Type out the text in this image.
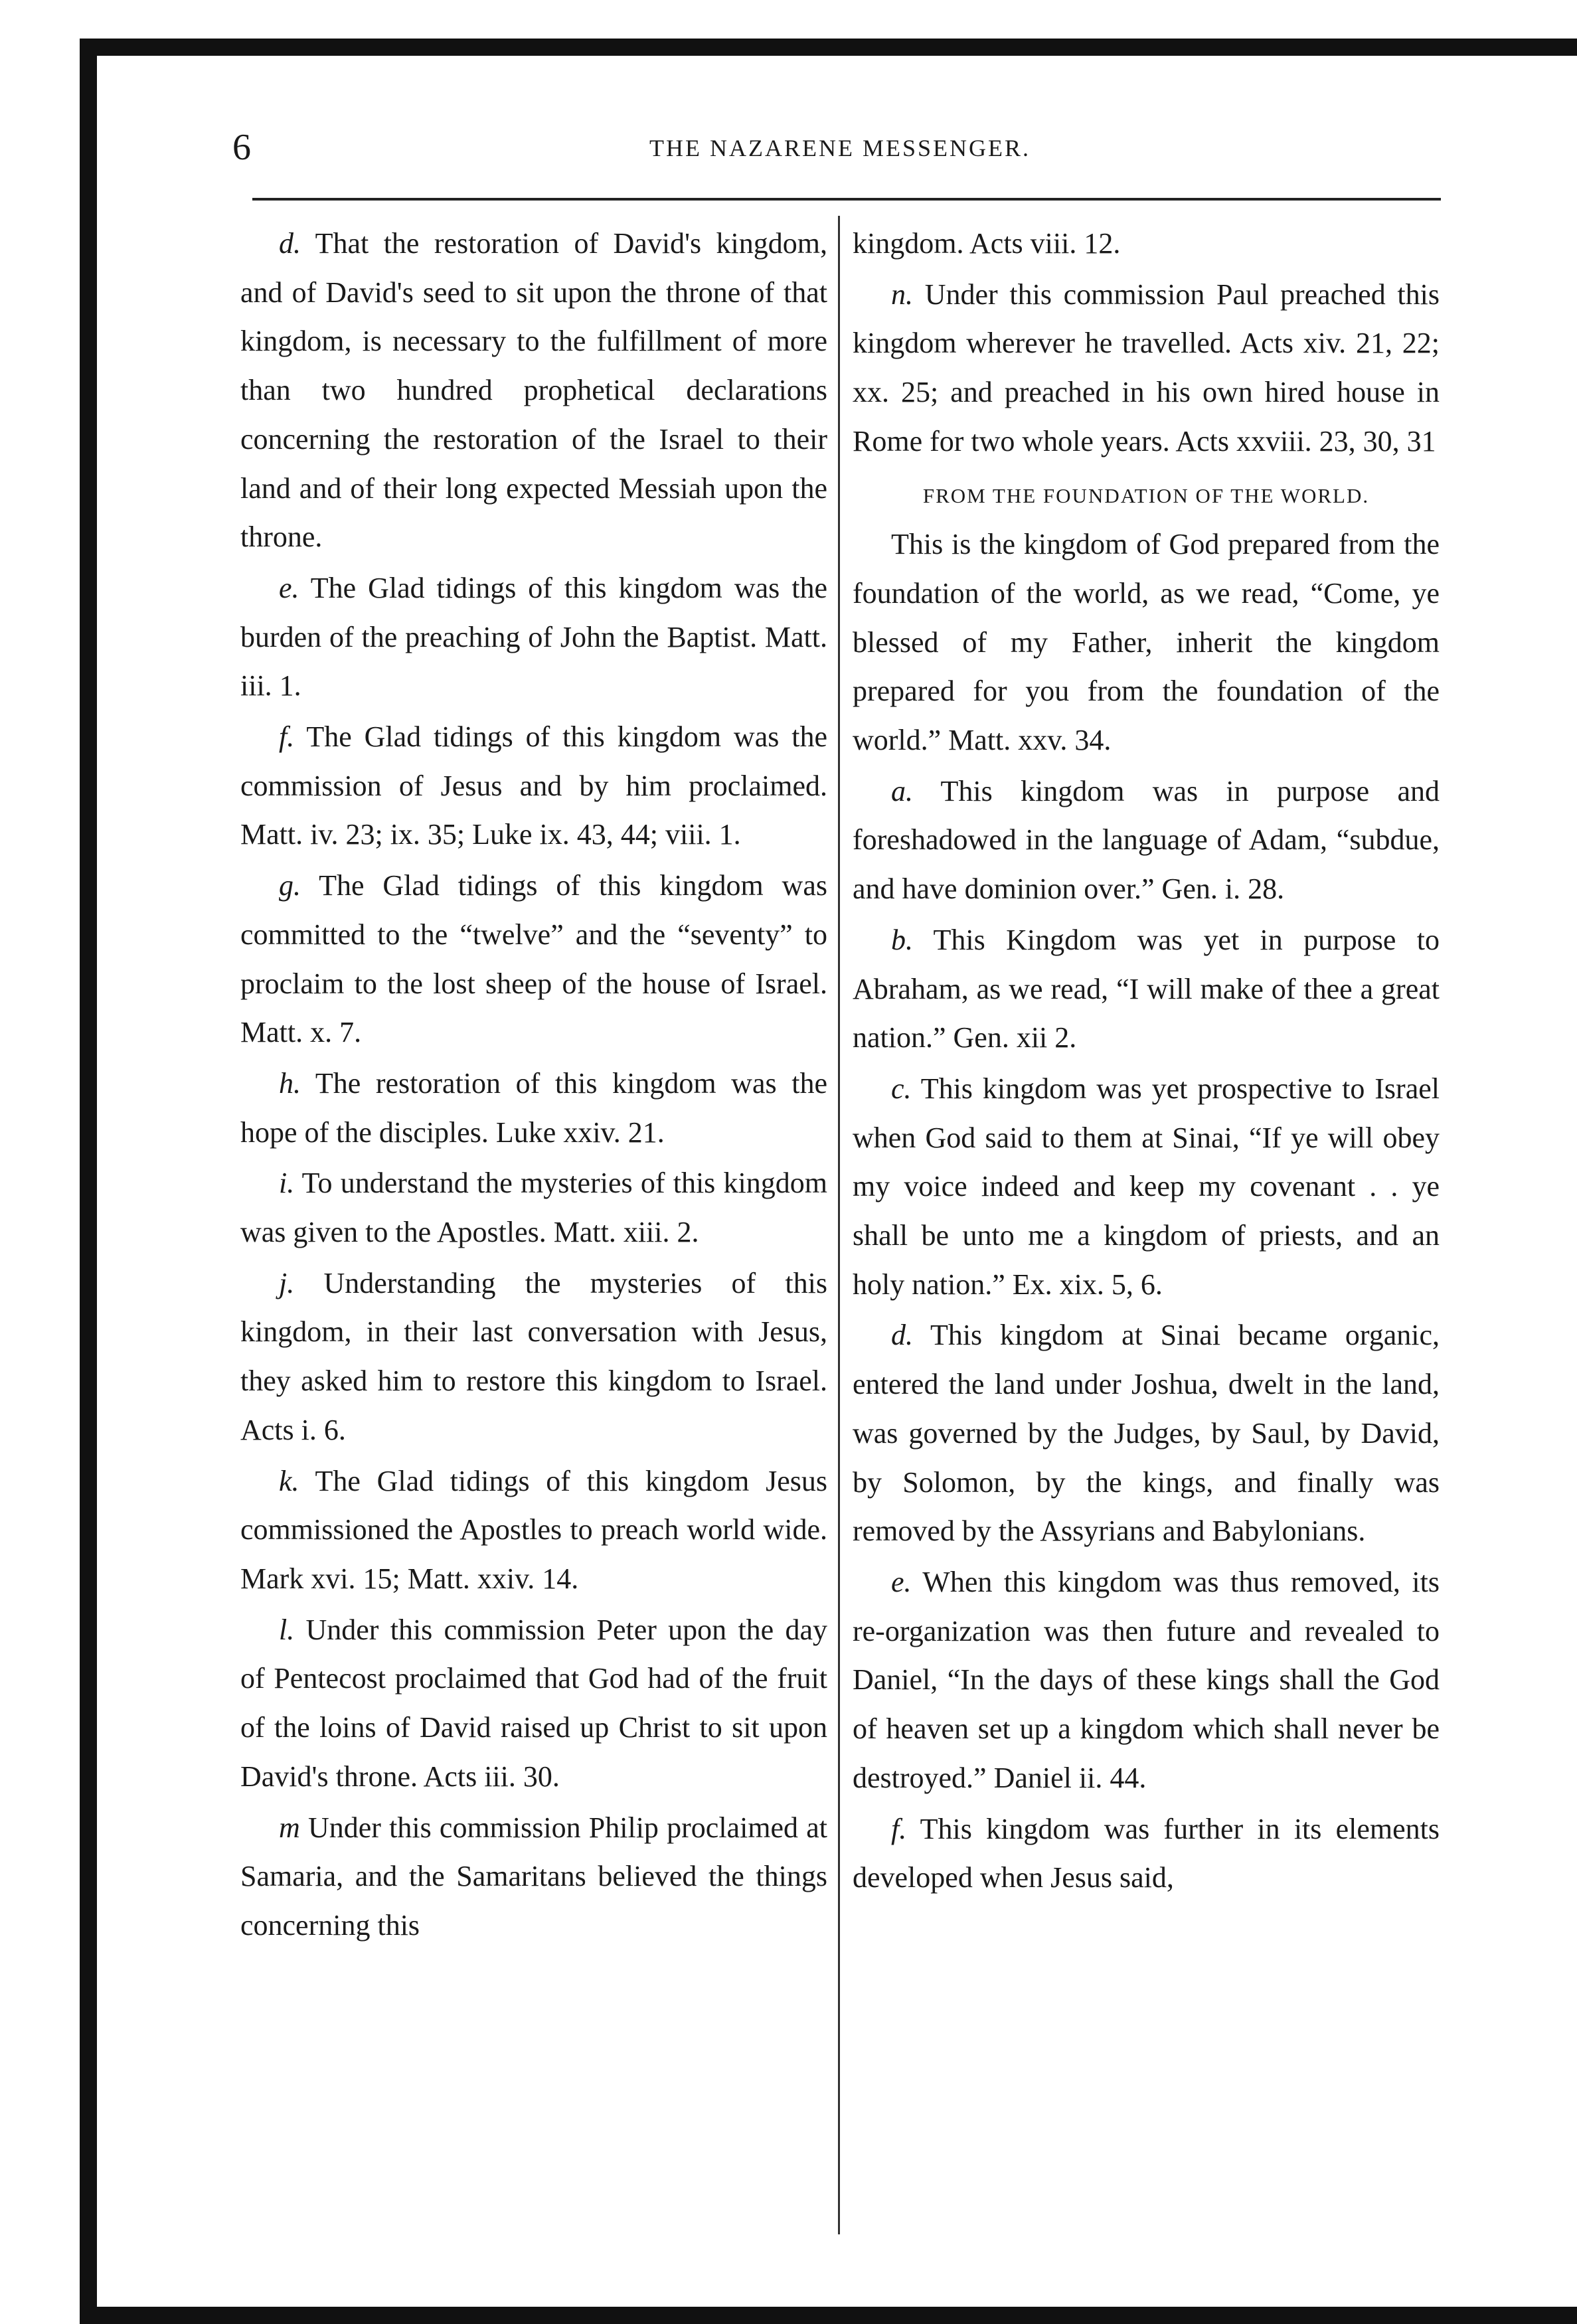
6	THE NAZARENE MESSENGER.

d. That the restoration of David's kingdom, and of David's seed to sit upon the throne of that kingdom, is necessary to the fulfillment of more than two hundred prophetical declarations concerning the restoration of the Israel to their land and of their long expected Messiah upon the throne.

e. The Glad tidings of this kingdom was the burden of the preaching of John the Baptist. Matt. iii. 1.

f. The Glad tidings of this kingdom was the commission of Jesus and by him proclaimed. Matt. iv. 23; ix. 35; Luke ix. 43, 44; viii. 1.

g. The Glad tidings of this kingdom was committed to the “twelve” and the “seventy” to proclaim to the lost sheep of the house of Israel. Matt. x. 7.

h. The restoration of this kingdom was the hope of the disciples. Luke xxiv. 21.

i. To understand the mysteries of this kingdom was given to the Apostles. Matt. xiii. 2.

j. Understanding the mysteries of this kingdom, in their last conversation with Jesus, they asked him to restore this kingdom to Israel. Acts i. 6.

k. The Glad tidings of this kingdom Jesus commissioned the Apostles to preach world wide. Mark xvi. 15; Matt. xxiv. 14.

l. Under this commission Peter upon the day of Pentecost proclaimed that God had of the fruit of the loins of David raised up Christ to sit upon David's throne. Acts iii. 30.

m Under this commission Philip proclaimed at Samaria, and the Samaritans believed the things concerning this

kingdom. Acts viii. 12.

n. Under this commission Paul preached this kingdom wherever he travelled. Acts xiv. 21, 22; xx. 25; and preached in his own hired house in Rome for two whole years. Acts xxviii. 23, 30, 31

FROM THE FOUNDATION OF THE WORLD.

This is the kingdom of God prepared from the foundation of the world, as we read, “Come, ye blessed of my Father, inherit the kingdom prepared for you from the foundation of the world.” Matt. xxv. 34.

a. This kingdom was in purpose and foreshadowed in the language of Adam, “subdue, and have dominion over.” Gen. i. 28.

b. This Kingdom was yet in purpose to Abraham, as we read, “I will make of thee a great nation.” Gen. xii 2.

c. This kingdom was yet prospective to Israel when God said to them at Sinai, “If ye will obey my voice indeed and keep my covenant . . ye shall be unto me a kingdom of priests, and an holy nation.” Ex. xix. 5, 6.

d. This kingdom at Sinai became organic, entered the land under Joshua, dwelt in the land, was governed by the Judges, by Saul, by David, by Solomon, by the kings, and finally was removed by the Assyrians and Babylonians.

e. When this kingdom was thus removed, its re-organization was then future and revealed to Daniel, “In the days of these kings shall the God of heaven set up a kingdom which shall never be destroyed.” Daniel ii. 44.

f. This kingdom was further in its elements developed when Jesus said,
